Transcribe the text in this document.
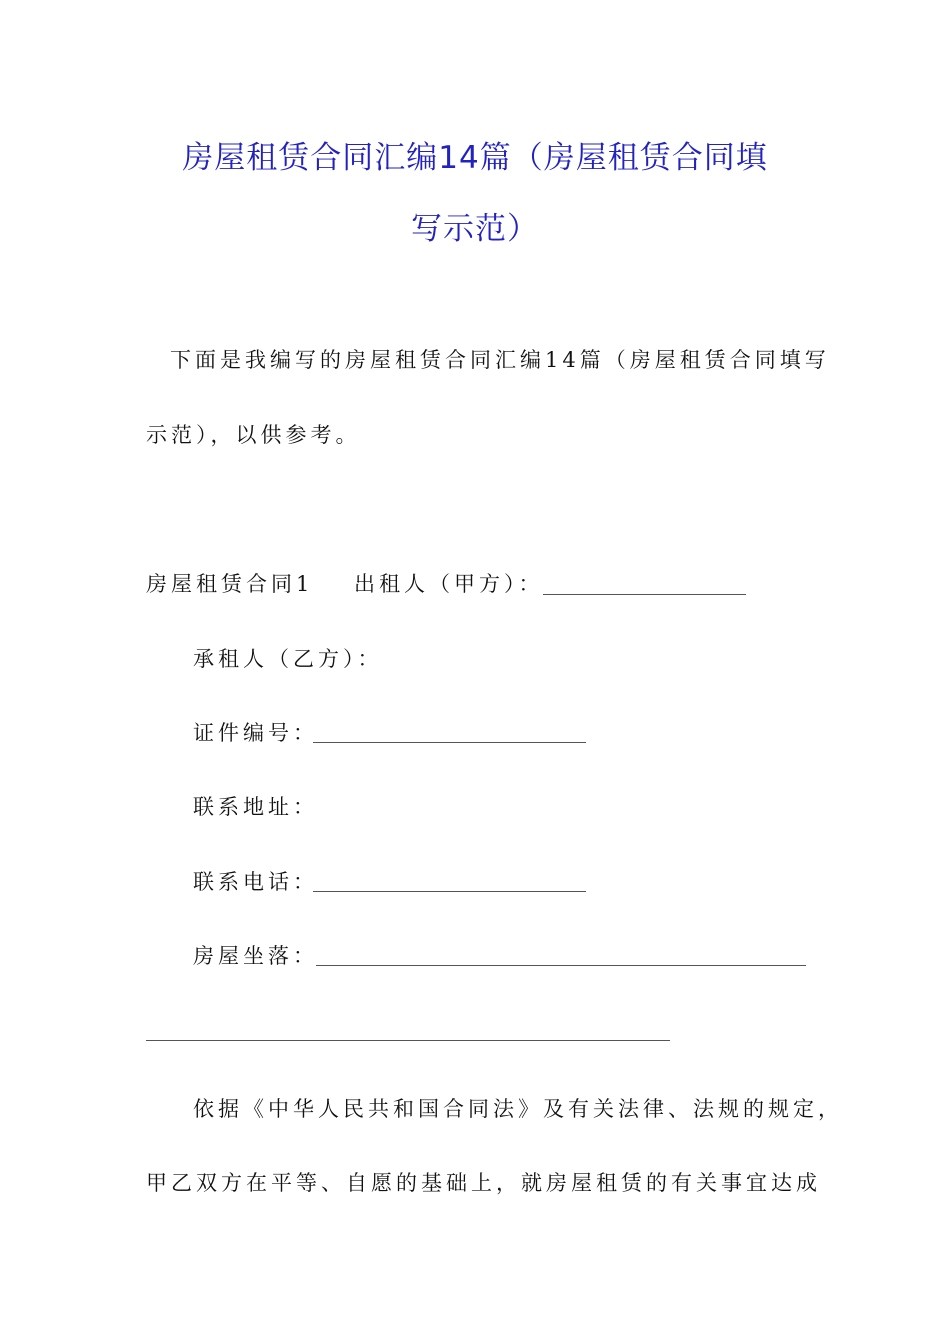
房屋租赁合同汇编14篇（房屋租赁合同填
写示范）
下面是我编写的房屋租赁合同汇编14篇（房屋租赁合同填写
示范），以供参考。
房屋租赁合同1 出租人（甲方）：
承租人（乙方）：
证件编号：
联系地址：
联系电话：
房屋坐落：
依据《中华人民共和国合同法》及有关法律、法规的规定，
甲乙双方在平等、自愿的基础上，就房屋租赁的有关事宜达成
